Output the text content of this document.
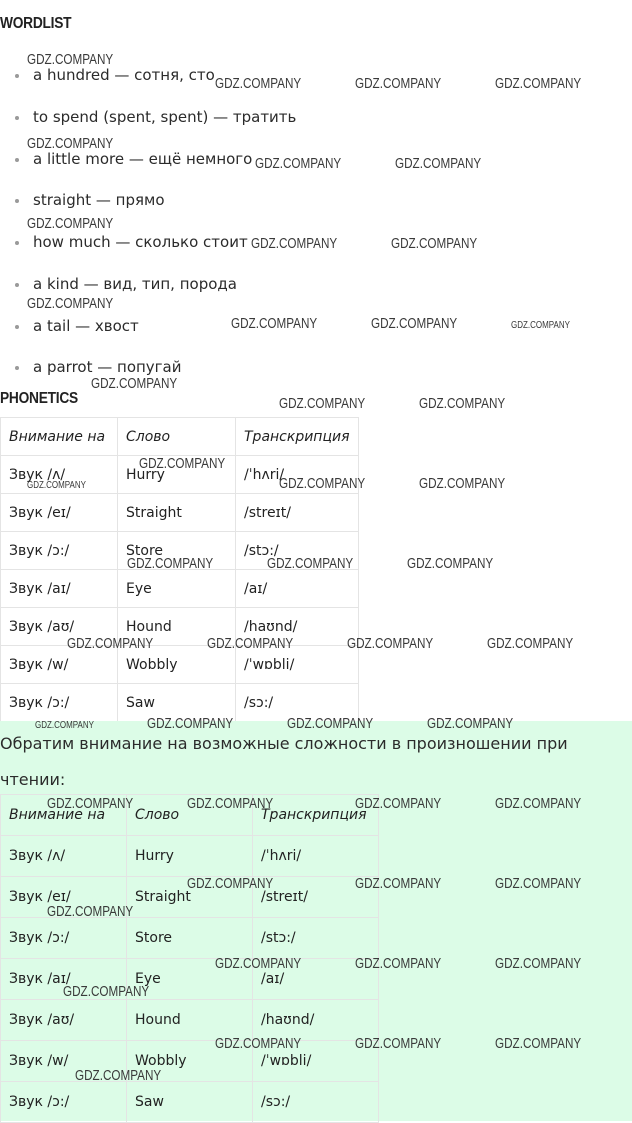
WORDLIST
a hundred — сотня, сто
to spend (spent, spent) — тратить
a little more — ещё немного
straight — прямо
how much — сколько стоит
a kind — вид, тип, порода
a tail — хвост
a parrot — попугай
PHONETICS
Внимание на	Слово	Транскрипция
Звук /ʌ/	Hurry	/ˈhʌri/
Звук /eɪ/	Straight	/streɪt/
Звук /ɔ:/	Store	/stɔ:/
Звук /aɪ/	Eye	/aɪ/
Звук /aʊ/	Hound	/haʊnd/
Звук /w/	Wobbly	/ˈwɒbli/
Звук /ɔ:/	Saw	/sɔ:/
Обратим внимание на возможные сложности в произношении при чтении:
Внимание на	Слово	Транскрипция
Звук /ʌ/	Hurry	/ˈhʌri/
Звук /eɪ/	Straight	/streɪt/
Звук /ɔ:/	Store	/stɔ:/
Звук /aɪ/	Eye	/aɪ/
Звук /aʊ/	Hound	/haʊnd/
Звук /w/	Wobbly	/ˈwɒbli/
Звук /ɔ:/	Saw	/sɔ:/
GDZ.COMPANY
GDZ.COMPANY	GDZ.COMPANY	GDZ.COMPANY
GDZ.COMPANY
GDZ.COMPANY	GDZ.COMPANY
GDZ.COMPANY
GDZ.COMPANY	GDZ.COMPANY
GDZ.COMPANY
GDZ.COMPANY	GDZ.COMPANY	GDZ.COMPANY
GDZ.COMPANY
GDZ.COMPANY	GDZ.COMPANY
GDZ.COMPANY
GDZ.COMPANY	GDZ.COMPANY	GDZ.COMPANY
GDZ.COMPANY	GDZ.COMPANY	GDZ.COMPANY
GDZ.COMPANY	GDZ.COMPANY	GDZ.COMPANY	GDZ.COMPANY
GDZ.COMPANY	GDZ.COMPANY	GDZ.COMPANY	GDZ.COMPANY
GDZ.COMPANY	GDZ.COMPANY	GDZ.COMPANY	GDZ.COMPANY
GDZ.COMPANY	GDZ.COMPANY	GDZ.COMPANY
GDZ.COMPANY
GDZ.COMPANY	GDZ.COMPANY	GDZ.COMPANY
GDZ.COMPANY
GDZ.COMPANY	GDZ.COMPANY	GDZ.COMPANY
GDZ.COMPANY
